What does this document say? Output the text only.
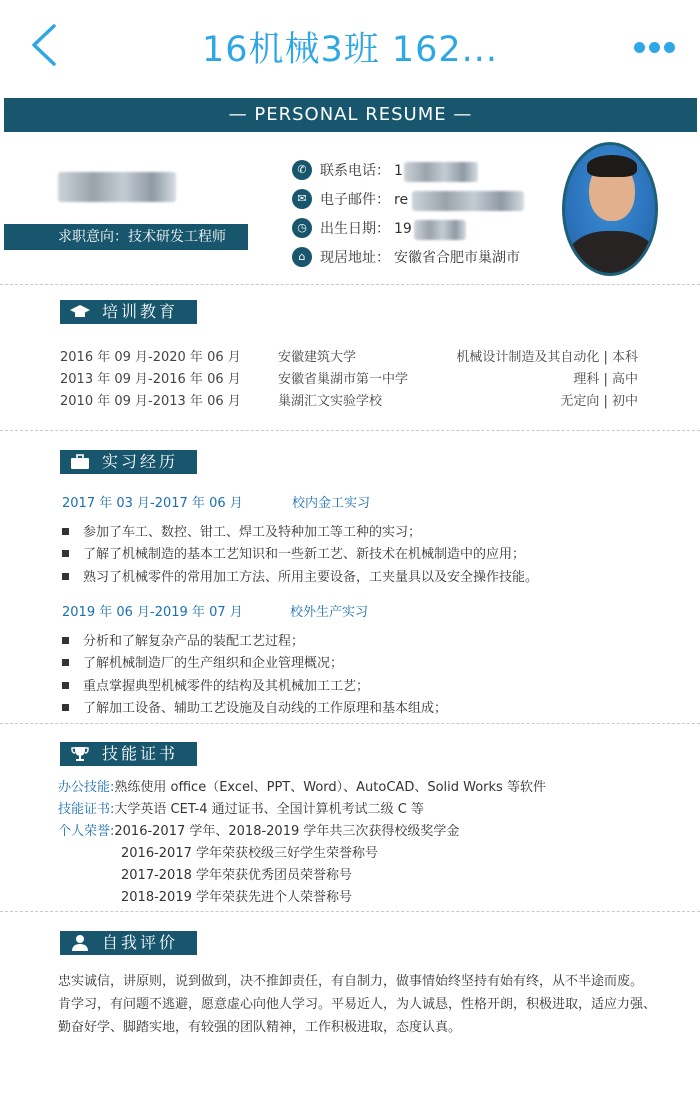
16机械3班 162...
— PERSONAL RESUME —
求职意向：技术研发工程师
✆ 联系电话： 1
✉ 电子邮件： re
◷ 出生日期： 19
⌂	现居地址： 安徽省合肥市巢湖市
培训教育
2016 年 09 月-2020 年 06 月	安徽建筑大学	机械设计制造及其自动化 | 本科
2013 年 09 月-2016 年 06 月	安徽省巢湖市第一中学	理科 | 高中
2010 年 09 月-2013 年 06 月	巢湖汇文实验学校	无定向 | 初中
实习经历
2017 年 03 月-2017 年 06 月	校内金工实习
参加了车工、数控、钳工、焊工及特种加工等工种的实习；
了解了机械制造的基本工艺知识和一些新工艺、新技术在机械制造中的应用；
熟习了机械零件的常用加工方法、所用主要设备，工夹量具以及安全操作技能。
2019 年 06 月-2019 年 07 月	校外生产实习
分析和了解复杂产品的装配工艺过程；
了解机械制造厂的生产组织和企业管理概况；
重点掌握典型机械零件的结构及其机械加工工艺；
了解加工设备、辅助工艺设施及自动线的工作原理和基本组成；
技能证书
办公技能:熟练使用 office（Excel、PPT、Word）、AutoCAD、Solid Works 等软件
技能证书:大学英语 CET-4 通过证书、全国计算机考试二级 C 等
个人荣誉:2016-2017 学年、2018-2019 学年共三次获得校级奖学金
2016-2017 学年荣获校级三好学生荣誉称号
2017-2018 学年荣获优秀团员荣誉称号
2018-2019 学年荣获先进个人荣誉称号
自我评价
忠实诚信，讲原则，说到做到，决不推卸责任，有自制力，做事情始终坚持有始有终，从不半途而废。
肯学习，有问题不逃避，愿意虚心向他人学习。平易近人，为人诚恳，性格开朗，积极进取，适应力强、
勤奋好学、脚踏实地，有较强的团队精神，工作积极进取，态度认真。
